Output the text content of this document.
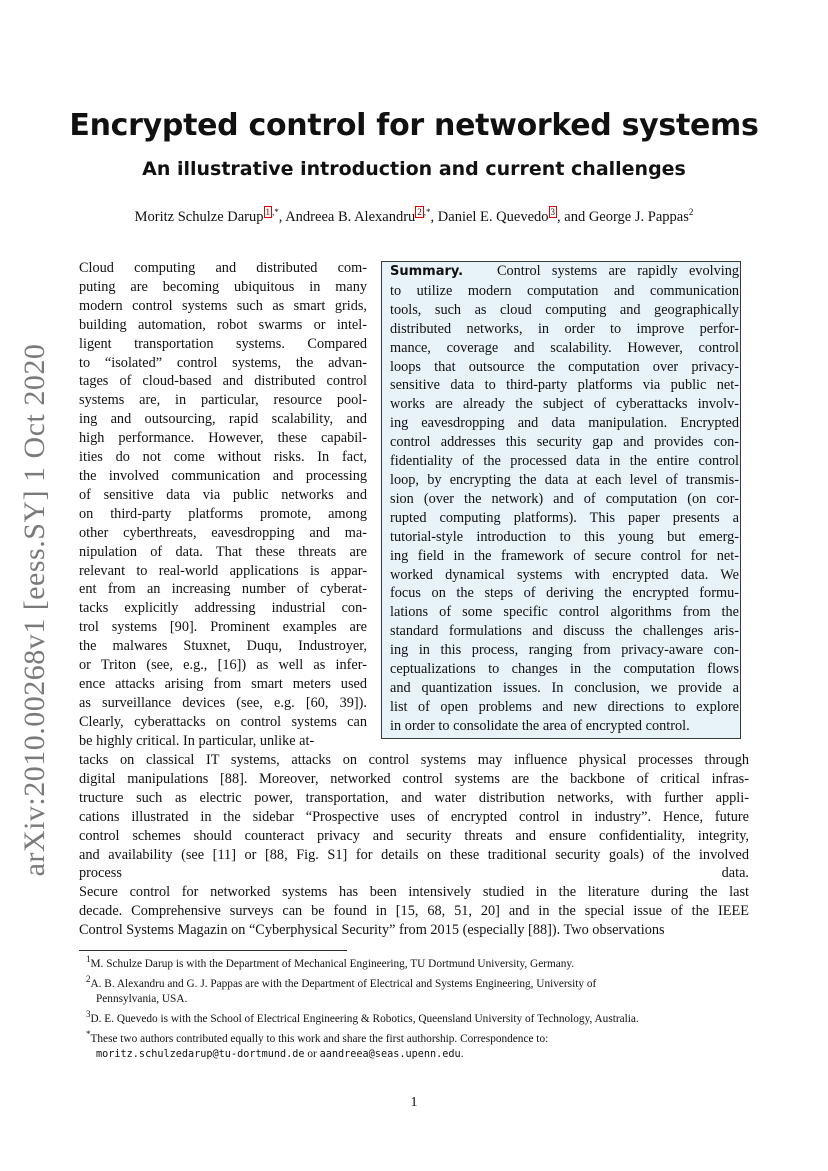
arXiv:2010.00268v1 [eess.SY] 1 Oct 2020
Encrypted control for networked systems
An illustrative introduction and current challenges
Moritz Schulze Darup $^{1 ,*}$, Andreea B. Alexandru $^{2 ,*}$, Daniel E. Quevedo $^3$ , and George J. Pappas$^2$
Cloud computing and distributed com-
puting are becoming ubiquitous in many
modern control systems such as smart grids,
building automation, robot swarms or intel-
ligent transportation systems. Compared
to “isolated” control systems, the advan-
tages of cloud-based and distributed control
systems are, in particular, resource pool-
ing and outsourcing, rapid scalability, and
high performance. However, these capabil-
ities do not come without risks. In fact,
the involved communication and processing
of sensitive data via public networks and
on third-party platforms promote, among
other cyberthreats, eavesdropping and ma-
nipulation of data. That these threats are
relevant to real-world applications is appar-
ent from an increasing number of cyberat-
tacks explicitly addressing industrial con-
trol systems [90]. Prominent examples are
the malwares Stuxnet, Duqu, Industroyer,
or Triton (see, e.g., [16]) as well as infer-
ence attacks arising from smart meters used
as surveillance devices (see, e.g. [60, 39]).
Clearly, cyberattacks on control systems can
be highly critical. In particular, unlike at-
Summary. Control systems are rapidly evolving
to utilize modern computation and communication
tools, such as cloud computing and geographically
distributed networks, in order to improve perfor-
mance, coverage and scalability. However, control
loops that outsource the computation over privacy-
sensitive data to third-party platforms via public net-
works are already the subject of cyberattacks involv-
ing eavesdropping and data manipulation. Encrypted
control addresses this security gap and provides con-
fidentiality of the processed data in the entire control
loop, by encrypting the data at each level of transmis-
sion (over the network) and of computation (on cor-
rupted computing platforms). This paper presents a
tutorial-style introduction to this young but emerg-
ing field in the framework of secure control for net-
worked dynamical systems with encrypted data. We
focus on the steps of deriving the encrypted formu-
lations of some specific control algorithms from the
standard formulations and discuss the challenges aris-
ing in this process, ranging from privacy-aware con-
ceptualizations to changes in the computation flows
and quantization issues. In conclusion, we provide a
list of open problems and new directions to explore
in order to consolidate the area of encrypted control.
tacks on classical IT systems, attacks on control systems may influence physical processes through
digital manipulations [88]. Moreover, networked control systems are the backbone of critical infras-
tructure such as electric power, transportation, and water distribution networks, with further appli-
cations illustrated in the sidebar “Prospective uses of encrypted control in industry”. Hence, future
control schemes should counteract privacy and security threats and ensure confidentiality, integrity,
and availability (see [11] or [88, Fig. S1] for details on these traditional security goals) of the involved
process data.
Secure control for networked systems has been intensively studied in the literature during the last
decade. Comprehensive surveys can be found in [15, 68, 51, 20] and in the special issue of the IEEE
Control Systems Magazin on “Cyberphysical Security” from 2015 (especially [88]). Two observations
$^1$M. Schulze Darup is with the Department of Mechanical Engineering, TU Dortmund University, Germany.
$^2$A. B. Alexandru and G. J. Pappas are with the Department of Electrical and Systems Engineering, University of
Pennsylvania, USA.
$^3$D. E. Quevedo is with the School of Electrical Engineering & Robotics, Queensland University of Technology, Australia.
*These two authors contributed equally to this work and share the first authorship. Correspondence to:
moritz.schulzedarup@tu-dortmund.de or aandreea@seas.upenn.edu.
1
